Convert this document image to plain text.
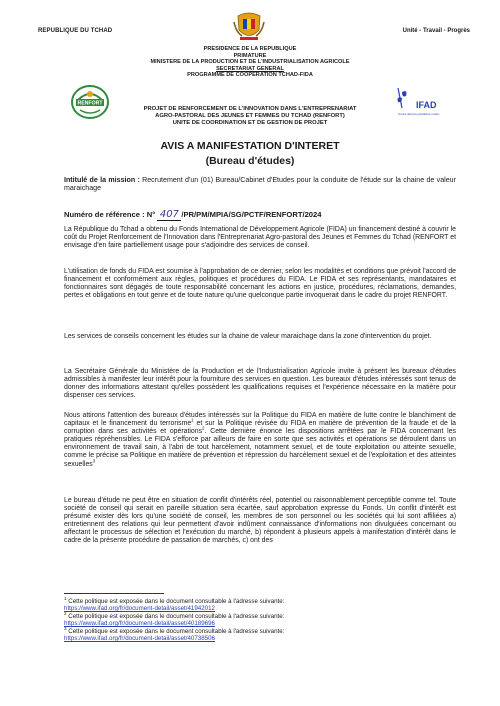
REPUBLIQUE DU TCHAD	Unité - Travail - Progrès
PRESIDENCE DE LA REPUBLIQUE
PRIMATURE
MINISTERE DE LA PRODUCTION ET DE L'INDUSTRIALISATION AGRICOLE
SECRETARIAT GENERAL
PROGRAMME DE COOPERATION TCHAD-FIDA
RENFORT	IFAD
Investir dans les populations rurales
PROJET DE RENFORCEMENT DE L'INNOVATION DANS L'ENTREPRENARIAT
AGRO-PASTORAL DES JEUNES ET FEMMES DU TCHAD (RENFORT)
UNITE DE COORDINATION ET DE GESTION DE PROJET
AVIS A MANIFESTATION D'INTERET
(Bureau d'études)
Intitulé de la mission : Recrutement d'un (01) Bureau/Cabinet d'Etudes pour la conduite de l'étude sur la chaine de valeur maraichage
Numéro de référence : N° 407 /PR/PM/MPIA/SG/PCTF/RENFORT/2024
La République du Tchad a obtenu du Fonds International de Développement Agricole (FIDA) un financement destiné à couvrir le coût du Projet Renforcement de l'Innovation dans l'Entreprenariat Agro-pastoral des Jeunes et Femmes du Tchad (RENFORT et envisage d'en faire partiellement usage pour s'adjoindre des services de conseil.
L'utilisation de fonds du FIDA est soumise à l'approbation de ce dernier, selon les modalités et conditions que prévoit l'accord de financement et conformément aux règles, politiques et procédures du FIDA. Le FIDA et ses représentants, mandataires et fonctionnaires sont dégagés de toute responsabilité concernant les actions en justice, procédures, réclamations, demandes, pertes et obligations en tout genre et de toute nature qu'une quelconque partie invoquerait dans le cadre du projet RENFORT.
Les services de conseils concernent les études sur la chaine de valeur maraichage dans la zone d'intervention du projet.
La Secrétaire Générale du Ministère de la Production et de l'Industrialisation Agricole invite à présent les bureaux d'études admissibles à manifester leur intérêt pour la fourniture des services en question. Les bureaux d'études intéressés sont tenus de donner des informations attestant qu'elles possèdent les qualifications requises et l'expérience nécessaire en la matière pour dispenser ces services.
Nous attirons l'attention des bureaux d'études intéressés sur la Politique du FIDA en matière de lutte contre le blanchiment de capitaux et le financement du terrorisme$^1$ et sur la Politique révisée du FIDA en matière de prévention de la fraude et de la corruption dans ses activités et opérations$^2$. Cette dernière énonce les dispositions arrêtées par le FIDA concernant les pratiques répréhensibles. Le FIDA s'efforce par ailleurs de faire en sorte que ses activités et opérations se déroulent dans un environnement de travail sain, à l'abri de tout harcèlement, notamment sexuel, et de toute exploitation ou atteinte sexuelle, comme le précise sa Politique en matière de prévention et répression du harcèlement sexuel et de l'exploitation et des atteintes sexuelles$^3$
Le bureau d'étude ne peut être en situation de conflit d'intérêts réel, potentiel ou raisonnablement perceptible comme tel. Toute société de conseil qui serait en pareille situation sera écartée, sauf approbation expresse du Fonds. Un conflit d'intérêt est présumé exister dès lors qu'une société de conseil, les membres de son personnel ou les sociétés qui lui sont affiliées a) entretiennent des relations qui leur permettent d'avoir indûment connaissance d'informations non divulguées concernant ou affectant le processus de sélection et l'exécution du marché, b) répondent à plusieurs appels à manifestation d'intérêt dans le cadre de la présente procédure de passation de marchés, c) ont des
$^1$ Cette politique est exposée dans le document consultable à l'adresse suivante:
https://www.ifad.org/fr/document-detail/asset/41942012
$^2$ Cette politique est exposée dans le document consultable à l'adresse suivante:
https://www.ifad.org/fr/document-detail/asset/40189696
$^3$ Cette politique est exposée dans le document consultable à l'adresse suivante:
https://www.ifad.org/fr/document-detail/asset/40738506
